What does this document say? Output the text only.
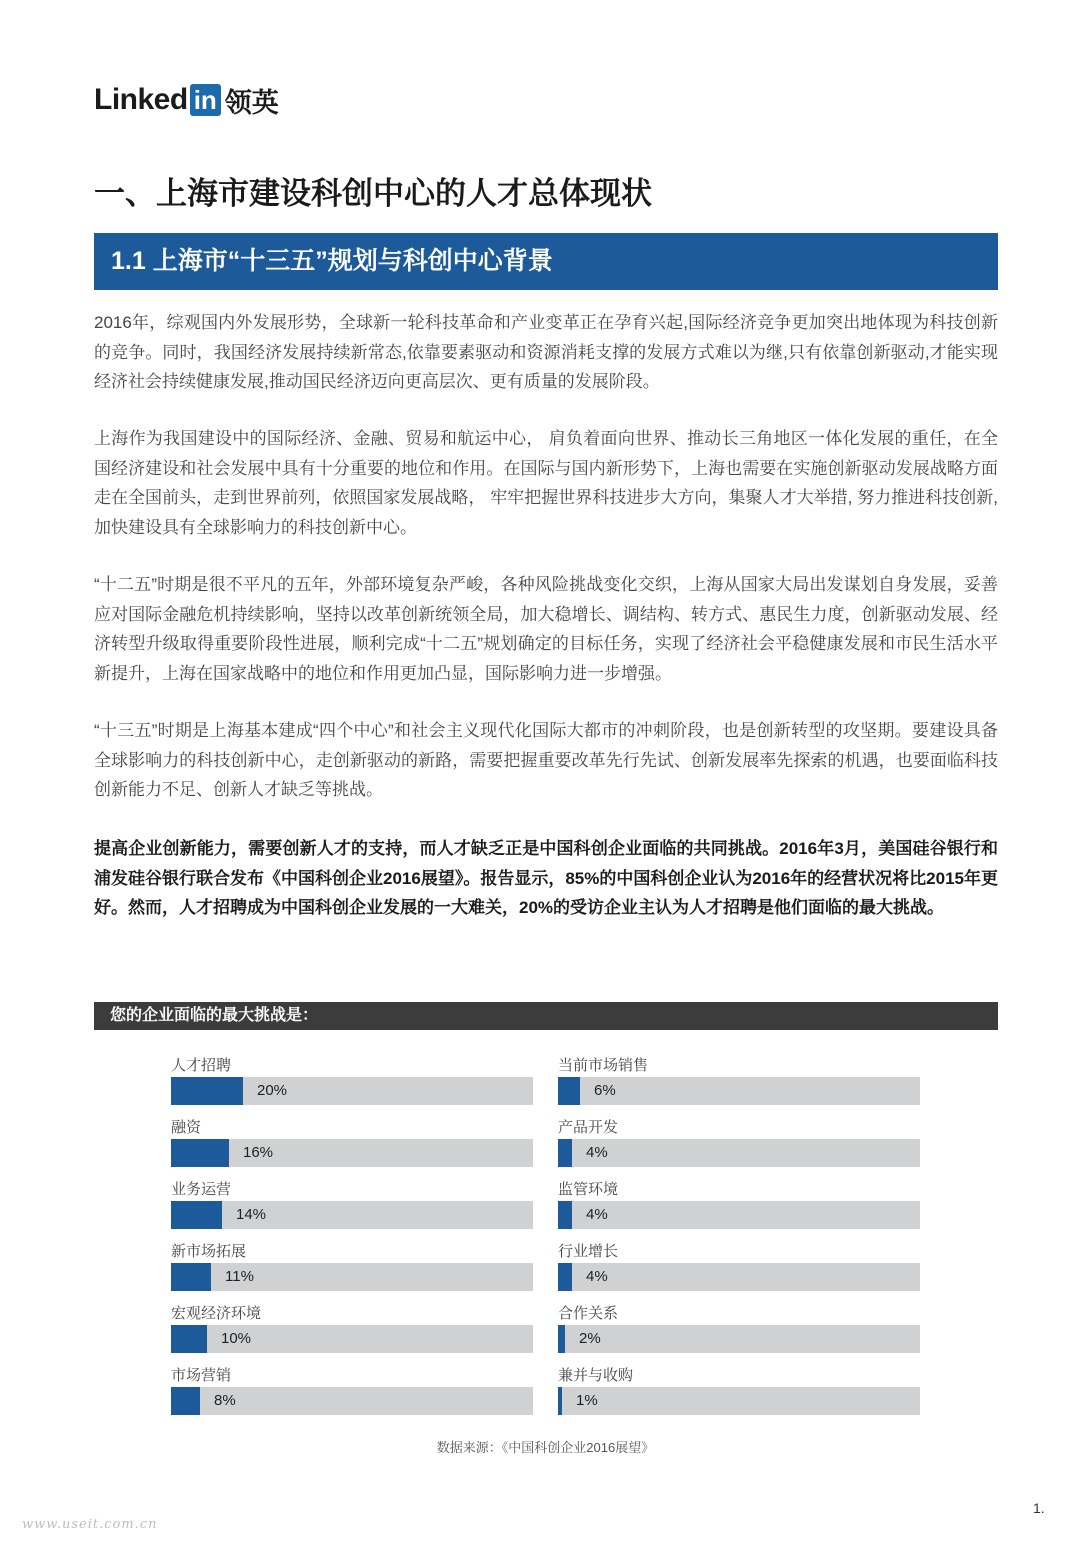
Linked in 领英
一、上海市建设科创中心的人才总体现状
1.1 上海市“十三五”规划与科创中心背景

2016年，综观国内外发展形势，全球新一轮科技革命和产业变革正在孕育兴起,国际经济竞争更加突出地体现为科技创新的竞争。同时，我国经济发展持续新常态,依靠要素驱动和资源消耗支撑的发展方式难以为继,只有依靠创新驱动,才能实现经济社会持续健康发展,推动国民经济迈向更高层次、更有质量的发展阶段。

上海作为我国建设中的国际经济、金融、贸易和航运中心， 肩负着面向世界、推动长三角地区一体化发展的重任，在全国经济建设和社会发展中具有十分重要的地位和作用。在国际与国内新形势下，上海也需要在实施创新驱动发展战略方面走在全国前头，走到世界前列，依照国家发展战略， 牢牢把握世界科技进步大方向，集聚人才大举措, 努力推进科技创新, 加快建设具有全球影响力的科技创新中心。

“十二五”时期是很不平凡的五年，外部环境复杂严峻，各种风险挑战变化交织，上海从国家大局出发谋划自身发展，妥善应对国际金融危机持续影响，坚持以改革创新统领全局，加大稳增长、调结构、转方式、惠民生力度，创新驱动发展、经济转型升级取得重要阶段性进展，顺利完成“十二五”规划确定的目标任务，实现了经济社会平稳健康发展和市民生活水平新提升，上海在国家战略中的地位和作用更加凸显，国际影响力进一步增强。

“十三五”时期是上海基本建成“四个中心”和社会主义现代化国际大都市的冲刺阶段，也是创新转型的攻坚期。要建设具备全球影响力的科技创新中心，走创新驱动的新路，需要把握重要改革先行先试、创新发展率先探索的机遇，也要面临科技创新能力不足、创新人才缺乏等挑战。

提高企业创新能力，需要创新人才的支持，而人才缺乏正是中国科创企业面临的共同挑战。2016年3月，美国硅谷银行和浦发硅谷银行联合发布《中国科创企业2016展望》。报告显示，85%的中国科创企业认为2016年的经营状况将比2015年更好。然而，人才招聘成为中国科创企业发展的一大难关，20%的受访企业主认为人才招聘是他们面临的最大挑战。

您的企业面临的最大挑战是：
人才招聘
20%
融资
16%
业务运营
14%
新市场拓展
11%
宏观经济环境
10%
市场营销
8%
当前市场销售
6%
产品开发
4%
监管环境
4%
行业增长
4%
合作关系
2%
兼并与收购
1%
数据来源：《中国科创企业2016展望》
1.
www.useit.com.cn
